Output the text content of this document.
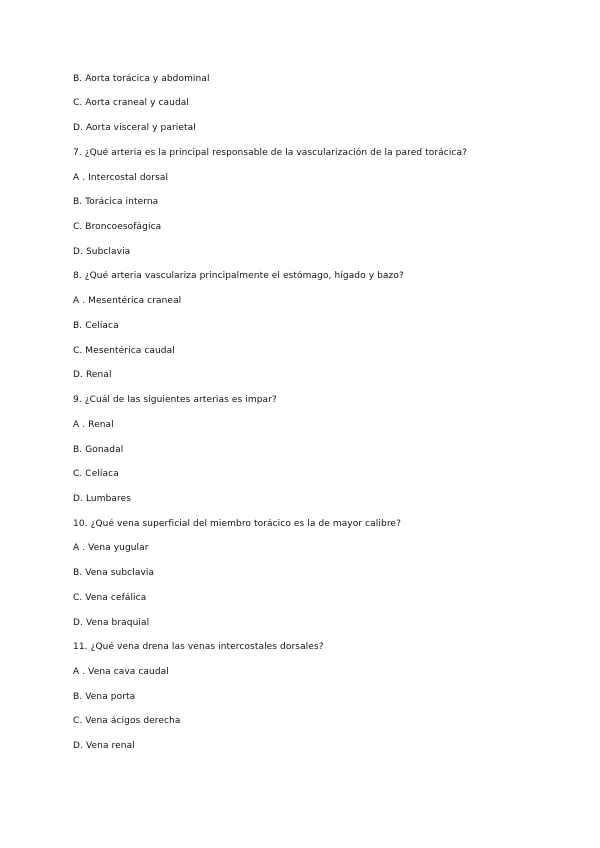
B. Aorta torácica y abdominal
C. Aorta craneal y caudal
D. Aorta visceral y parietal
7. ¿Qué arteria es la principal responsable de la vascularización de la pared torácica?
A . Intercostal dorsal
B. Torácica interna
C. Broncoesofágica
D. Subclavia
8. ¿Qué arteria vasculariza principalmente el estómago, hígado y bazo?
A . Mesentérica craneal
B. Celíaca
C. Mesentérica caudal
D. Renal
9. ¿Cuál de las siguientes arterias es impar?
A . Renal
B. Gonadal
C. Celíaca
D. Lumbares
10. ¿Qué vena superficial del miembro torácico es la de mayor calibre?
A . Vena yugular
B. Vena subclavia
C. Vena cefálica
D. Vena braquial
11. ¿Qué vena drena las venas intercostales dorsales?
A . Vena cava caudal
B. Vena porta
C. Vena ácigos derecha
D. Vena renal
